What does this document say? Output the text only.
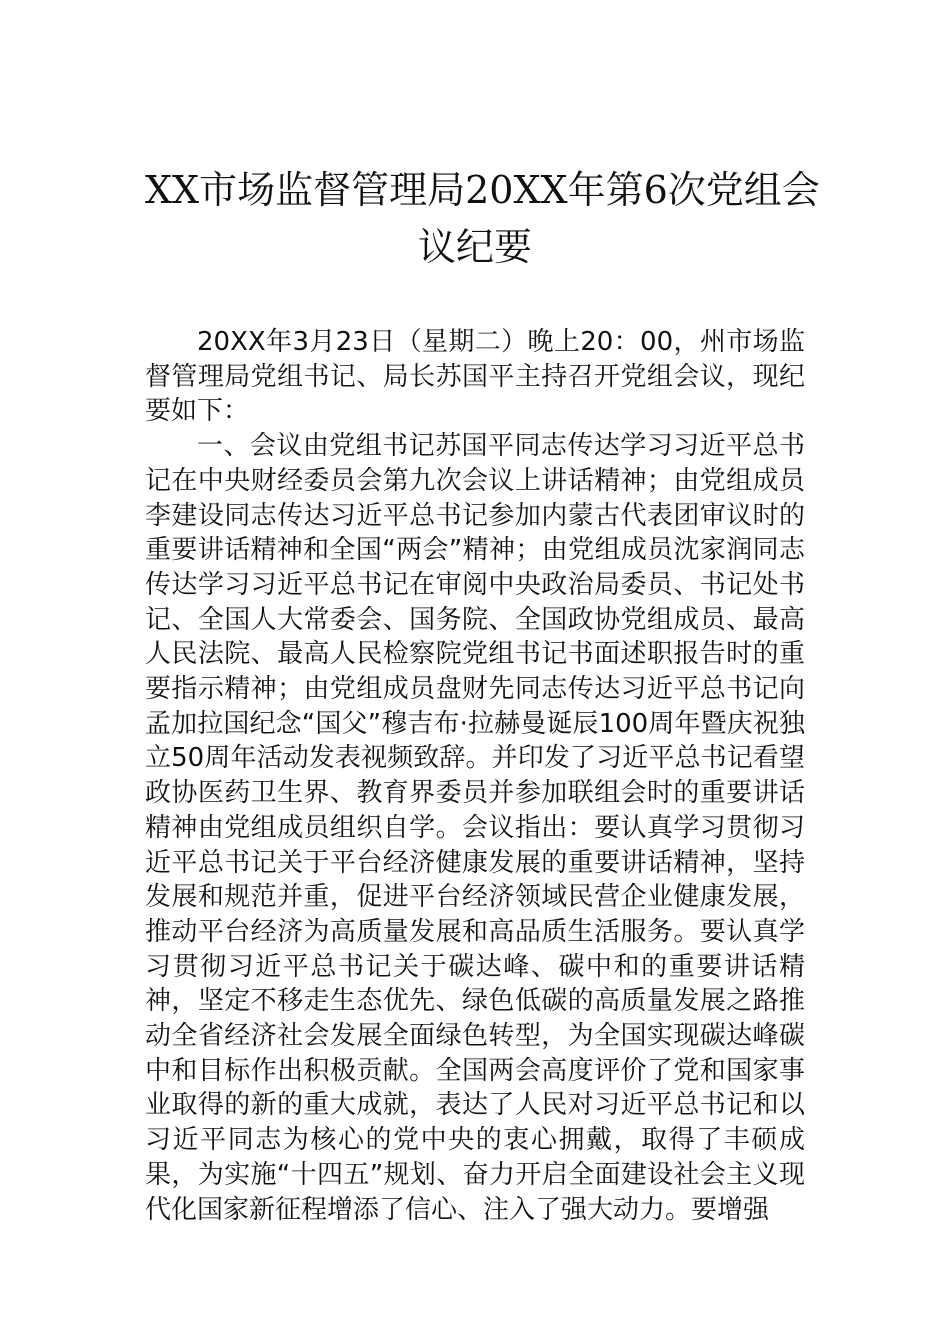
XX市场监督管理局20XX年第6次党组会
议纪要

20XX年3月23日（星期二）晚上20：00，州市场监督管理局党组书记、局长苏国平主持召开党组会议，现纪要如下：

一、会议由党组书记苏国平同志传达学习习近平总书记在中央财经委员会第九次会议上讲话精神；由党组成员李建设同志传达习近平总书记参加内蒙古代表团审议时的重要讲话精神和全国“两会”精神；由党组成员沈家润同志传达学习习近平总书记在审阅中央政治局委员、书记处书记、全国人大常委会、国务院、全国政协党组成员、最高人民法院、最高人民检察院党组书记书面述职报告时的重要指示精神；由党组成员盘财先同志传达习近平总书记向孟加拉国纪念“国父”穆吉布·拉赫曼诞辰100周年暨庆祝独立50周年活动发表视频致辞。并印发了习近平总书记看望政协医药卫生界、教育界委员并参加联组会时的重要讲话精神由党组成员组织自学。会议指出：要认真学习贯彻习近平总书记关于平台经济健康发展的重要讲话精神，坚持发展和规范并重，促进平台经济领域民营企业健康发展，推动平台经济为高质量发展和高品质生活服务。要认真学习贯彻习近平总书记关于碳达峰、碳中和的重要讲话精神，坚定不移走生态优先、绿色低碳的高质量发展之路推动全省经济社会发展全面绿色转型，为全国实现碳达峰碳中和目标作出积极贡献。全国两会高度评价了党和国家事业取得的新的重大成就，表达了人民对习近平总书记和以习近平同志为核心的党中央的衷心拥戴，取得了丰硕成果，为实施“十四五”规划、奋力开启全面建设社会主义现代化国家新征程增添了信心、注入了强大动力。要增强
